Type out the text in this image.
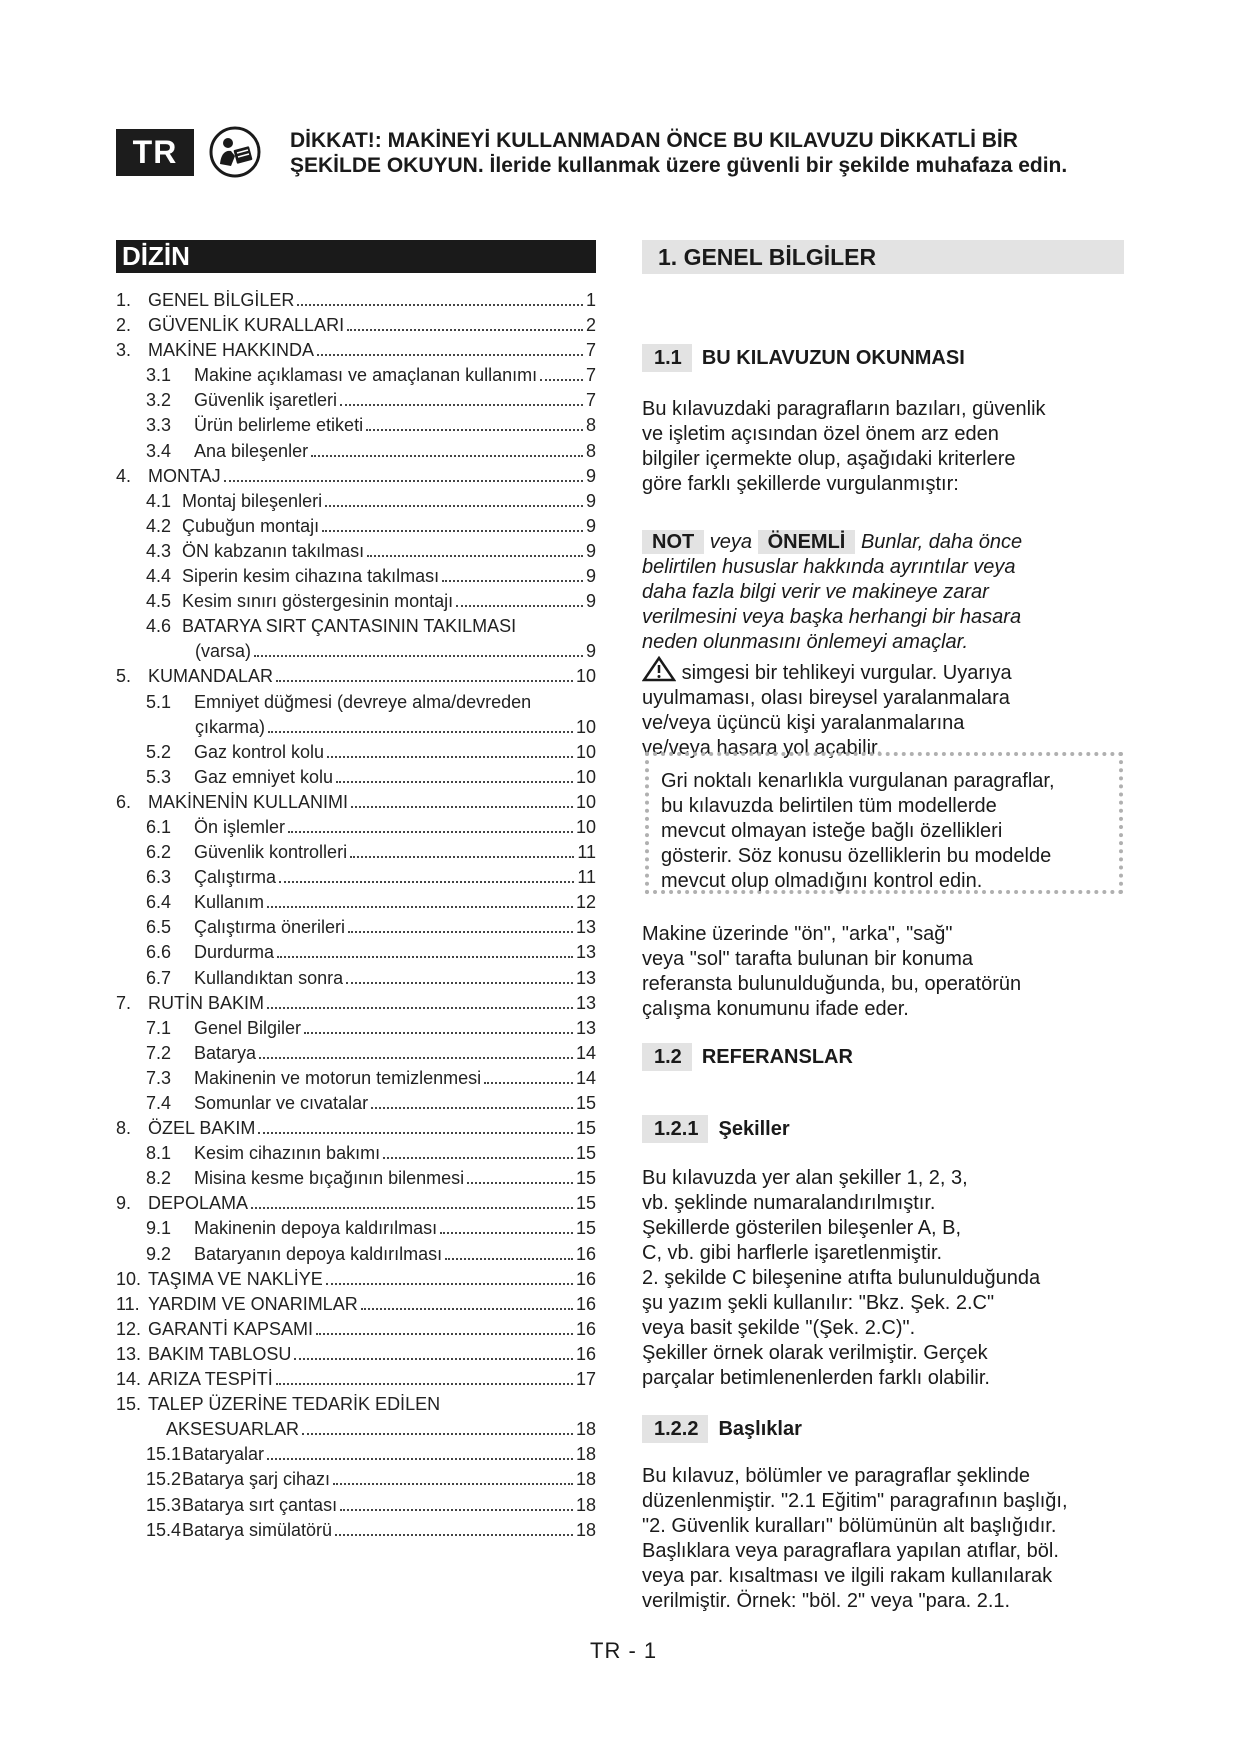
TR	DİKKAT!: MAKİNEYİ KULLANMADAN ÖNCE BU KILAVUZU DİKKATLİ BİR
ŞEKİLDE OKUYUN. İleride kullanmak üzere güvenli bir şekilde muhafaza edin.
DİZİN
1. GENEL BİLGİLER	1
2. GÜVENLİK KURALLARI	2
3. MAKİNE HAKKINDA	7
3.1	Makine açıklaması ve amaçlanan kullanımı	7
3.2	Güvenlik işaretleri	7
3.3	Ürün belirleme etiketi	8
3.4	Ana bileşenler	8
4. MONTAJ	9
4.1 Montaj bileşenleri	9
4.2 Çubuğun montajı	9
4.3 ÖN kabzanın takılması	9
4.4 Siperin kesim cihazına takılması	9
4.5 Kesim sınırı göstergesinin montajı	9
4.6 BATARYA SIRT ÇANTASININ TAKILMASI
(varsa)	9
5. KUMANDALAR	10
5.1	Emniyet düğmesi (devreye alma/devreden
çıkarma)	10
5.2	Gaz kontrol kolu	10
5.3	Gaz emniyet kolu	10
6. MAKİNENİN KULLANIMI	10
6.1	Ön işlemler	10
6.2	Güvenlik kontrolleri	11
6.3	Çalıştırma	11
6.4	Kullanım	12
6.5	Çalıştırma önerileri	13
6.6	Durdurma	13
6.7	Kullandıktan sonra	13
7. RUTİN BAKIM	13
7.1	Genel Bilgiler	13
7.2	Batarya	14
7.3	Makinenin ve motorun temizlenmesi	14
7.4	Somunlar ve cıvatalar	15
8. ÖZEL BAKIM	15
8.1	Kesim cihazının bakımı	15
8.2	Misina kesme bıçağının bilenmesi	15
9. DEPOLAMA	15
9.1	Makinenin depoya kaldırılması	15
9.2	Bataryanın depoya kaldırılması	16
10. TAŞIMA VE NAKLİYE	16
11. YARDIM VE ONARIMLAR	16
12. GARANTİ KAPSAMI	16
13. BAKIM TABLOSU	16
14. ARIZA TESPİTİ	17
15. TALEP ÜZERİNE TEDARİK EDİLEN
AKSESUARLAR	18
15.1 Bataryalar	18
15.2 Batarya şarj cihazı	18
15.3 Batarya sırt çantası	18
15.4 Batarya simülatörü	18
1. GENEL BİLGİLER
1.1	BU KILAVUZUN OKUNMASI
Bu kılavuzdaki paragrafların bazıları, güvenlik
ve işletim açısından özel önem arz eden
bilgiler içermekte olup, aşağıdaki kriterlere
göre farklı şekillerde vurgulanmıştır:
NOT veya ÖNEMLİ Bunlar, daha önce
belirtilen hususlar hakkında ayrıntılar veya
daha fazla bilgi verir ve makineye zarar
verilmesini veya başka herhangi bir hasara
neden olunmasını önlemeyi amaçlar.
simgesi bir tehlikeyi vurgular. Uyarıya
uyulmaması, olası bireysel yaralanmalara
ve/veya üçüncü kişi yaralanmalarına
ve/veya hasara yol açabilir.
Gri noktalı kenarlıkla vurgulanan paragraflar,
bu kılavuzda belirtilen tüm modellerde
mevcut olmayan isteğe bağlı özellikleri
gösterir. Söz konusu özelliklerin bu modelde
mevcut olup olmadığını kontrol edin.
Makine üzerinde "ön", "arka", "sağ"
veya "sol" tarafta bulunan bir konuma
referansta bulunulduğunda, bu, operatörün
çalışma konumunu ifade eder.
1.2	REFERANSLAR
1.2.1	Şekiller
Bu kılavuzda yer alan şekiller 1, 2, 3,
vb. şeklinde numaralandırılmıştır.
Şekillerde gösterilen bileşenler A, B,
C, vb. gibi harflerle işaretlenmiştir.
2. şekilde C bileşenine atıfta bulunulduğunda
şu yazım şekli kullanılır: "Bkz. Şek. 2.C"
veya basit şekilde "(Şek. 2.C)".
Şekiller örnek olarak verilmiştir. Gerçek
parçalar betimlenenlerden farklı olabilir.
1.2.2	Başlıklar
Bu kılavuz, bölümler ve paragraflar şeklinde
düzenlenmiştir. "2.1 Eğitim" paragrafının başlığı,
"2. Güvenlik kuralları" bölümünün alt başlığıdır.
Başlıklara veya paragraflara yapılan atıflar, böl.
veya par. kısaltması ve ilgili rakam kullanılarak
verilmiştir. Örnek: "böl. 2" veya "para. 2.1.
TR - 1
